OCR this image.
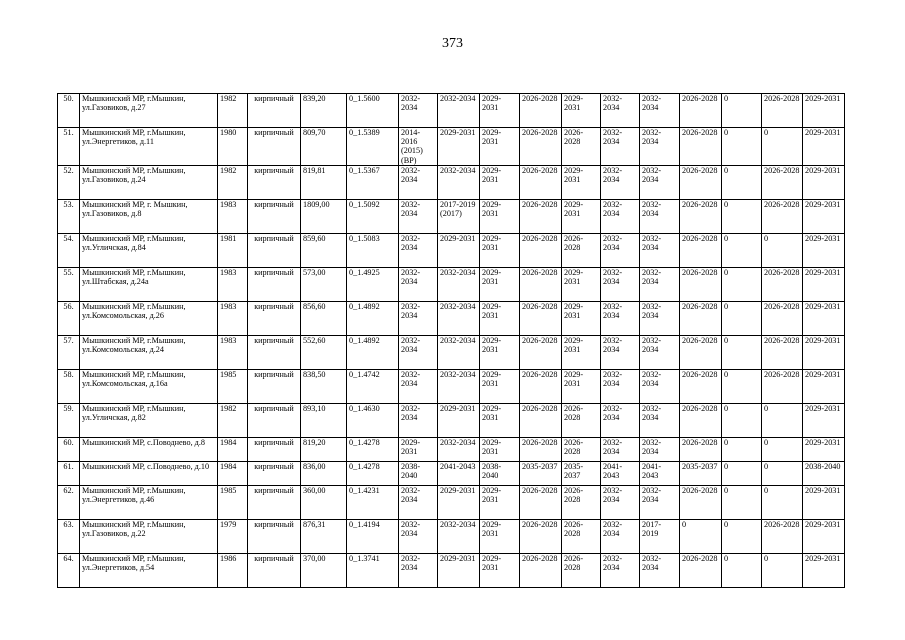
373
50.	Мышкинский МР, г.Мышкин, ул.Газовиков, д.27	1982	кирпичный	839,20	0_1.5600	2032-2034	2032-2034	2029-2031	2026-2028	2029-2031	2032-2034	2032-2034	2026-2028	0	2026-2028	2029-2031
51.	Мышкинский МР, г.Мышкин, ул.Энергетиков, д.11	1980	кирпичный	809,70	0_1.5389	2014-2016 (2015) (ВР)	2029-2031	2029-2031	2026-2028	2026-2028	2032-2034	2032-2034	2026-2028	0	0	2029-2031
52.	Мышкинский МР, г.Мышкин, ул.Газовиков, д.24	1982	кирпичный	819,81	0_1.5367	2032-2034	2032-2034	2029-2031	2026-2028	2029-2031	2032-2034	2032-2034	2026-2028	0	2026-2028	2029-2031
53.	Мышкинский МР, г. Мышкин, ул.Газовиков, д.8	1983	кирпичный	1809,00	0_1.5092	2032-2034	2017-2019 (2017)	2029-2031	2026-2028	2029-2031	2032-2034	2032-2034	2026-2028	0	2026-2028	2029-2031
54.	Мышкинский МР, г.Мышкин, ул.Угличская, д.84	1981	кирпичный	859,60	0_1.5083	2032-2034	2029-2031	2029-2031	2026-2028	2026-2028	2032-2034	2032-2034	2026-2028	0	0	2029-2031
55.	Мышкинский МР, г.Мышкин, ул.Штабская, д.24а	1983	кирпичный	573,00	0_1.4925	2032-2034	2032-2034	2029-2031	2026-2028	2029-2031	2032-2034	2032-2034	2026-2028	0	2026-2028	2029-2031
56.	Мышкинский МР, г.Мышкин, ул.Комсомольская, д.26	1983	кирпичный	856,60	0_1.4892	2032-2034	2032-2034	2029-2031	2026-2028	2029-2031	2032-2034	2032-2034	2026-2028	0	2026-2028	2029-2031
57.	Мышкинский МР, г.Мышкин, ул.Комсомольская, д.24	1983	кирпичный	552,60	0_1.4892	2032-2034	2032-2034	2029-2031	2026-2028	2029-2031	2032-2034	2032-2034	2026-2028	0	2026-2028	2029-2031
58.	Мышкинский МР, г.Мышкин, ул.Комсомольская, д.16а	1985	кирпичный	838,50	0_1.4742	2032-2034	2032-2034	2029-2031	2026-2028	2029-2031	2032-2034	2032-2034	2026-2028	0	2026-2028	2029-2031
59.	Мышкинский МР, г.Мышкин, ул.Угличская, д.82	1982	кирпичный	893,10	0_1.4630	2032-2034	2029-2031	2029-2031	2026-2028	2026-2028	2032-2034	2032-2034	2026-2028	0	0	2029-2031
60.	Мышкинский МР, с.Поводнево, д.8	1984	кирпичный	819,20	0_1.4278	2029-2031	2032-2034	2029-2031	2026-2028	2026-2028	2032-2034	2032-2034	2026-2028	0	0	2029-2031
61.	Мышкинский МР, с.Поводнево, д.10	1984	кирпичный	836,00	0_1.4278	2038-2040	2041-2043	2038-2040	2035-2037	2035-2037	2041-2043	2041-2043	2035-2037	0	0	2038-2040
62.	Мышкинский МР, г.Мышкин, ул.Энергетиков, д.46	1985	кирпичный	360,00	0_1.4231	2032-2034	2029-2031	2029-2031	2026-2028	2026-2028	2032-2034	2032-2034	2026-2028	0	0	2029-2031
63.	Мышкинский МР, г.Мышкин, ул.Газовиков, д.22	1979	кирпичный	876,31	0_1.4194	2032-2034	2032-2034	2029-2031	2026-2028	2026-2028	2032-2034	2017-2019	0	0	2026-2028	2029-2031
64.	Мышкинский МР, г.Мышкин, ул.Энергетиков, д.54	1986	кирпичный	370,00	0_1.3741	2032-2034	2029-2031	2029-2031	2026-2028	2026-2028	2032-2034	2032-2034	2026-2028	0	0	2029-2031
